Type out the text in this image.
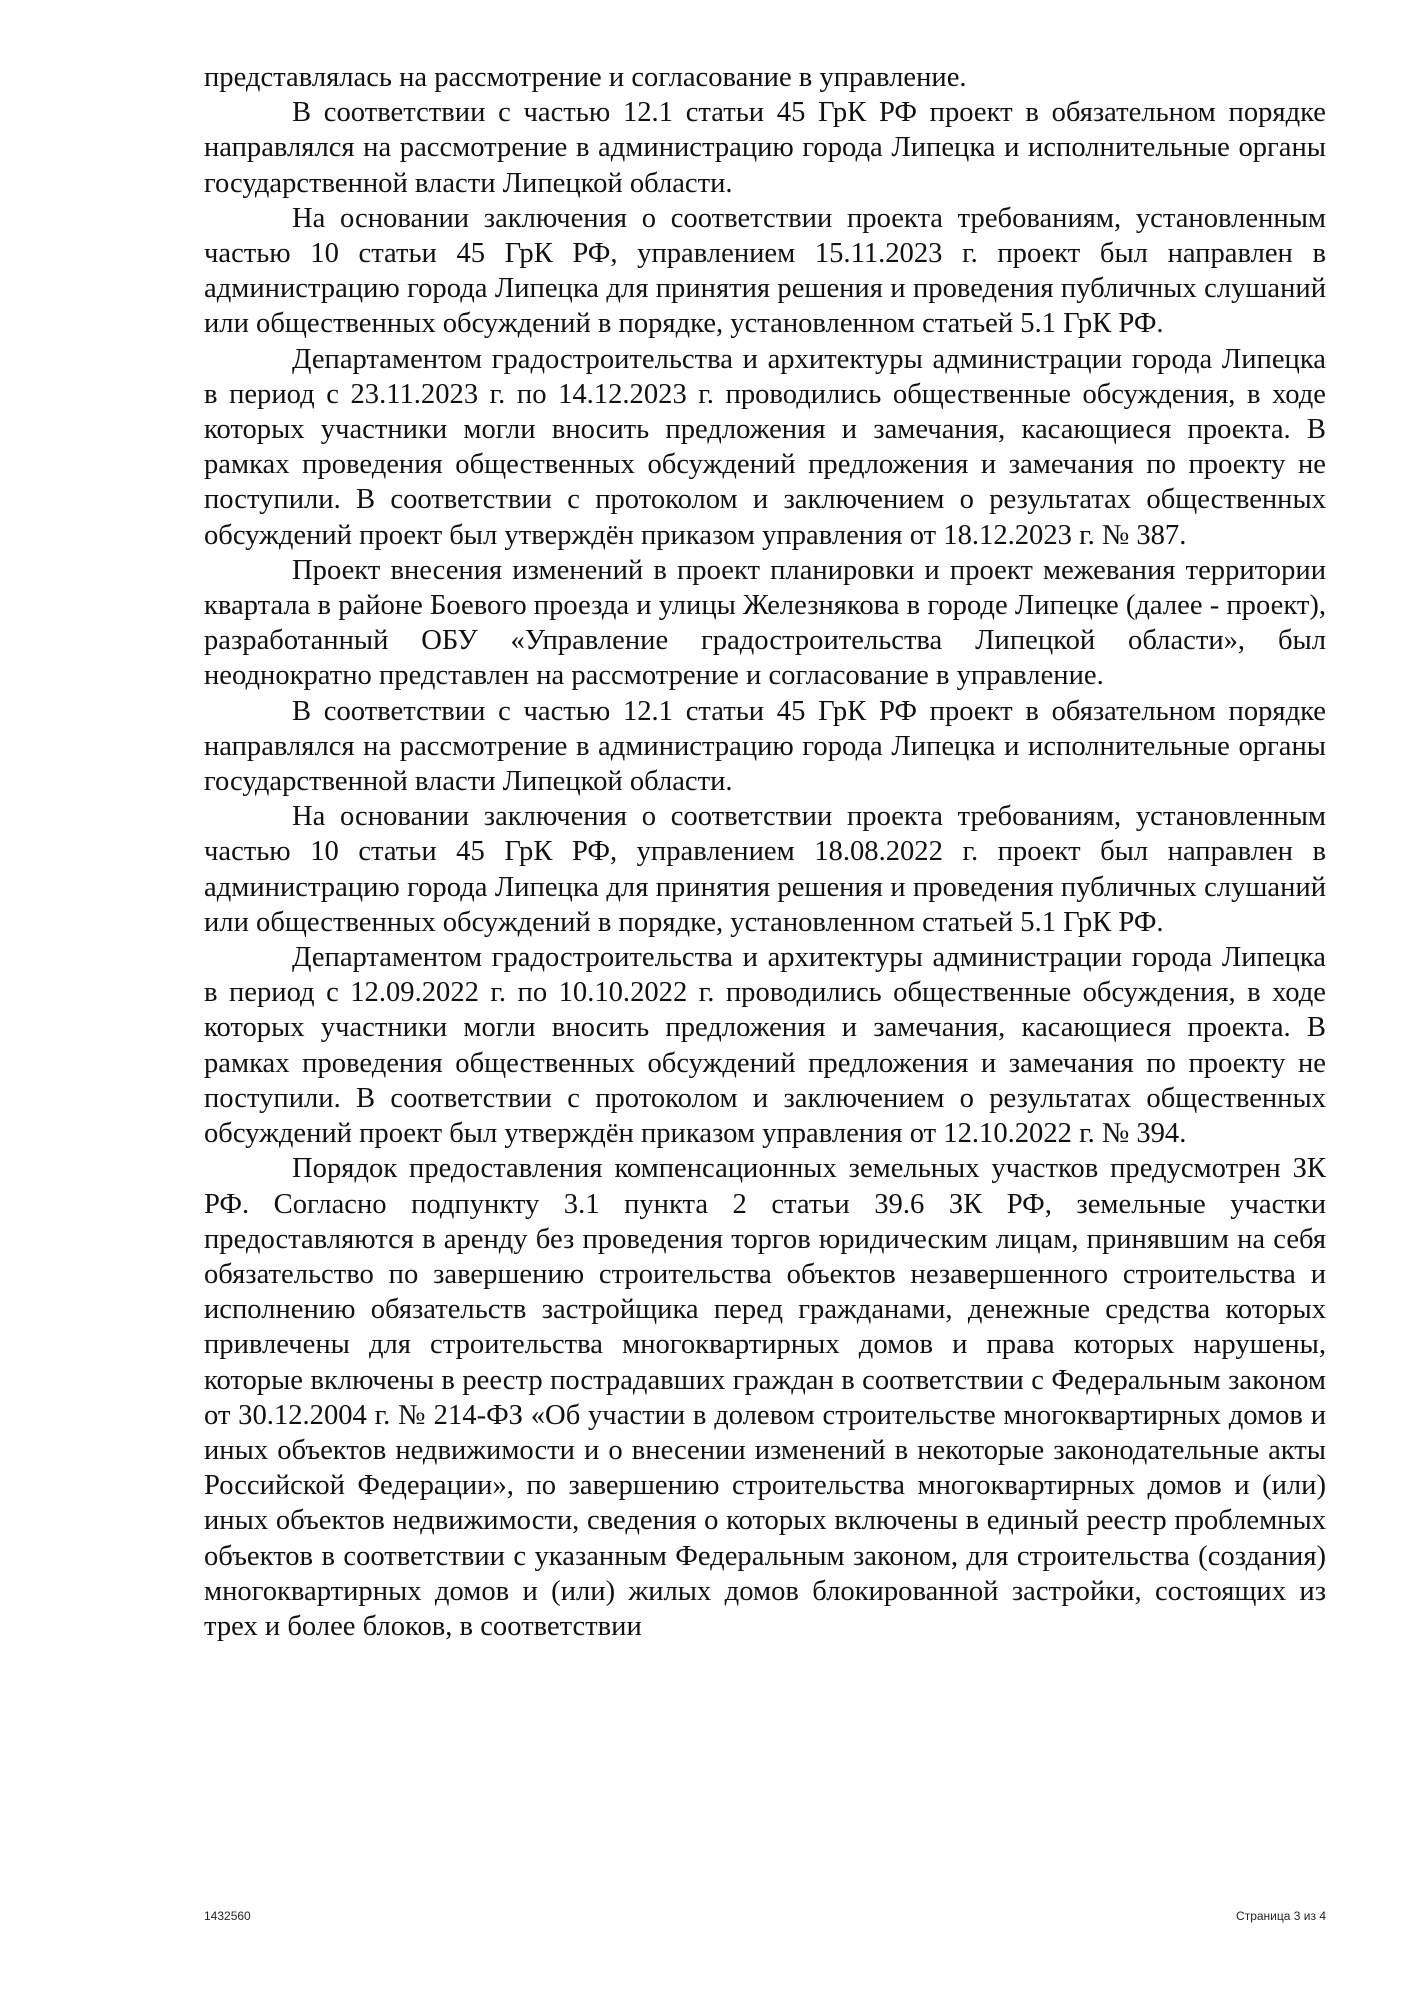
представлялась на рассмотрение и согласование в управление.

В соответствии с частью 12.1 статьи 45 ГрК РФ проект в обязательном порядке направлялся на рассмотрение в администрацию города Липецка и исполнительные органы государственной власти Липецкой области.

На основании заключения о соответствии проекта требованиям, установленным частью 10 статьи 45 ГрК РФ, управлением 15.11.2023 г. проект был направлен в администрацию города Липецка для принятия решения и проведения публичных слушаний или общественных обсуждений в порядке, установленном статьей 5.1 ГрК РФ.

Департаментом градостроительства и архитектуры администрации города Липецка в период с 23.11.2023 г. по 14.12.2023 г. проводились общественные обсуждения, в ходе которых участники могли вносить предложения и замечания, касающиеся проекта. В рамках проведения общественных обсуждений предложения и замечания по проекту не поступили. В соответствии с протоколом и заключением о результатах общественных обсуждений проект был утверждён приказом управления от 18.12.2023 г. № 387.

Проект внесения изменений в проект планировки и проект межевания территории квартала в районе Боевого проезда и улицы Железнякова в городе Липецке (далее - проект), разработанный ОБУ «Управление градостроительства Липецкой области», был неоднократно представлен на рассмотрение и согласование в управление.

В соответствии с частью 12.1 статьи 45 ГрК РФ проект в обязательном порядке направлялся на рассмотрение в администрацию города Липецка и исполнительные органы государственной власти Липецкой области.

На основании заключения о соответствии проекта требованиям, установленным частью 10 статьи 45 ГрК РФ, управлением 18.08.2022 г. проект был направлен в администрацию города Липецка для принятия решения и проведения публичных слушаний или общественных обсуждений в порядке, установленном статьей 5.1 ГрК РФ.

Департаментом градостроительства и архитектуры администрации города Липецка в период с 12.09.2022 г. по 10.10.2022 г. проводились общественные обсуждения, в ходе которых участники могли вносить предложения и замечания, касающиеся проекта. В рамках проведения общественных обсуждений предложения и замечания по проекту не поступили. В соответствии с протоколом и заключением о результатах общественных обсуждений проект был утверждён приказом управления от 12.10.2022 г. № 394.

Порядок предоставления компенсационных земельных участков предусмотрен ЗК РФ. Согласно подпункту 3.1 пункта 2 статьи 39.6 ЗК РФ, земельные участки предоставляются в аренду без проведения торгов юридическим лицам, принявшим на себя обязательство по завершению строительства объектов незавершенного строительства и исполнению обязательств застройщика перед гражданами, денежные средства которых привлечены для строительства многоквартирных домов и права которых нарушены, которые включены в реестр пострадавших граждан в соответствии с Федеральным законом от 30.12.2004 г. № 214-ФЗ «Об участии в долевом строительстве многоквартирных домов и иных объектов недвижимости и о внесении изменений в некоторые законодательные акты Российской Федерации», по завершению строительства многоквартирных домов и (или) иных объектов недвижимости, сведения о которых включены в единый реестр проблемных объектов в соответствии с указанным Федеральным законом, для строительства (создания) многоквартирных домов и (или) жилых домов блокированной застройки, состоящих из трех и более блоков, в соответствии

1432560	Страница 3 из 4
